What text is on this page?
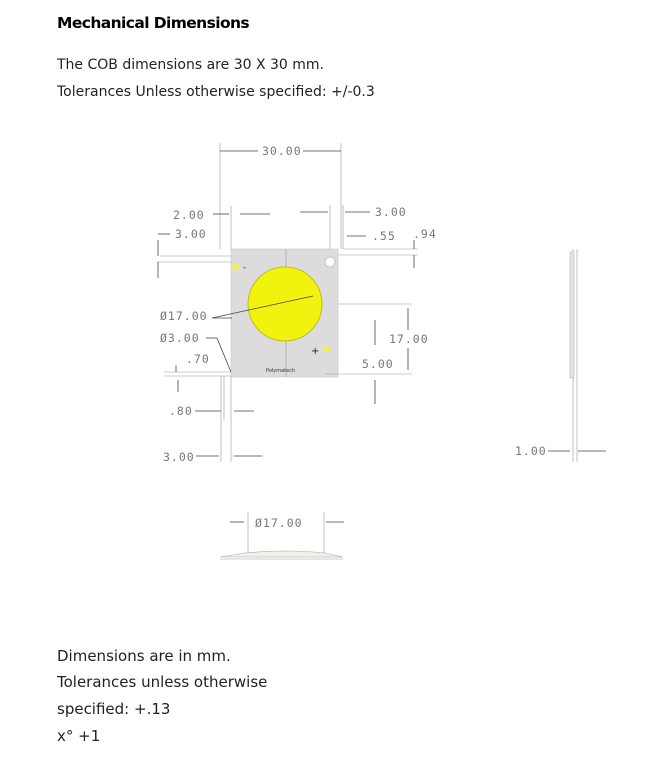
Mechanical Dimensions
The COB dimensions are 30 X 30 mm.
Tolerances Unless otherwise specified: +/-0.3
-
+
Polymatech
30.00
2.00
3.00
3.00
.55 .94
Ø17.00
Ø3.00
.70
17.00
5.00
.80
3.00	1.00
Ø17.00
Dimensions are in mm.
Tolerances unless otherwise
specified: +.13
x° +1
